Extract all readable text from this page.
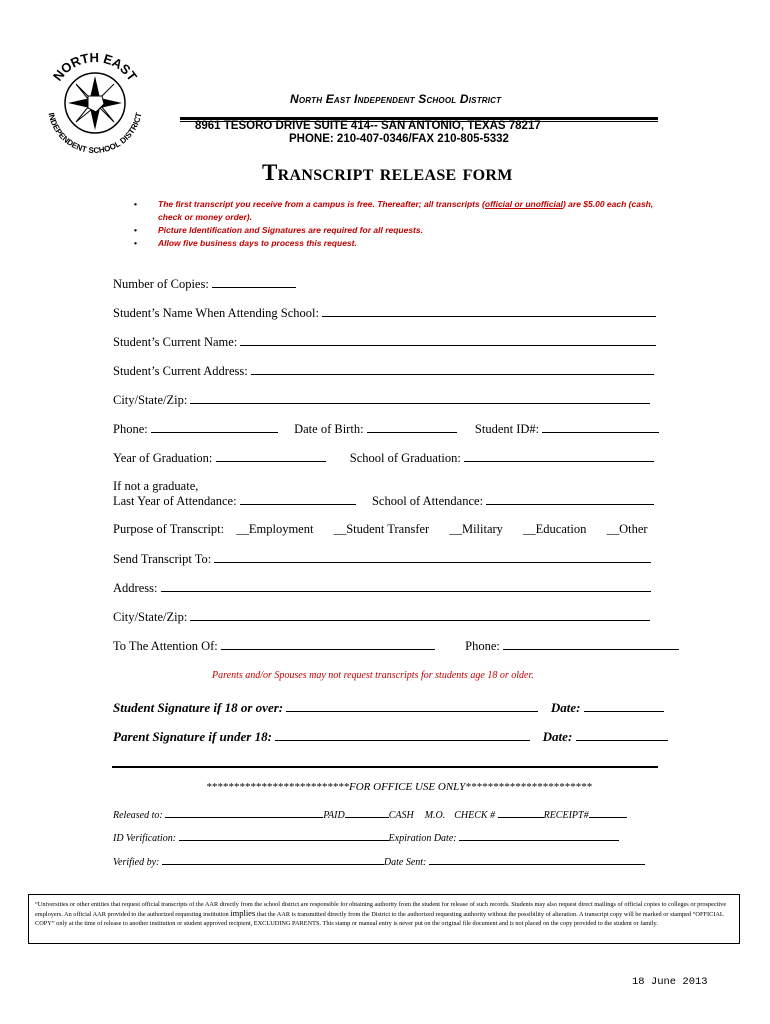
NORTH EAST
INDEPENDENT SCHOOL DISTRICT
North East Independent School District
8961 TESORO DRIVE SUITE 414-- SAN ANTONIO, TEXAS 78217
PHONE: 210-407-0346/FAX 210-805-5332
Transcript release form
• The first transcript you receive from a campus is free. Thereafter; all transcripts (official or unofficial) are $5.00 each (cash, check or money order).
• Picture Identification and Signatures are required for all requests.
• Allow five business days to process this request.
Number of Copies:
Student’s Name When Attending School:
Student’s Current Name:
Student’s Current Address:
City/State/Zip:
Phone:	Date of Birth:	Student ID#:
Year of Graduation:	School of Graduation:
If not a graduate,
Last Year of Attendance:	School of Attendance:
Purpose of Transcript: __Employment __Student Transfer __Military __Education __Other
Send Transcript To:
Address:
City/State/Zip:
To The Attention Of:	Phone:
Parents and/or Spouses may not request transcripts for students age 18 or older.
Student Signature if 18 or over:	Date:
Parent Signature if under 18:	Date:
**************************FOR OFFICE USE ONLY***********************
Released to:	PAID	CASH M.O. CHECK #	RECEIPT#
ID Verification:	Expiration Date:
Verified by:	Date Sent:
“Universities or other entities that request official transcripts of the AAR directly from the school district are responsible for obtaining authority from the student for release of such records. Students may also request direct mailings of official copies to colleges or prospective employers. An official AAR provided to the authorized requesting institution implies that the AAR is transmitted directly from the District to the authorized requesting authority without the possibility of alteration. A transcript copy will be marked or stamped “OFFICIAL COPY” only at the time of release to another institution or student approved recipient, EXCLUDING PARENTS. This stamp or manual entry is never put on the original file document and is not placed on the copy provided to the student or family.
18 June 2013
